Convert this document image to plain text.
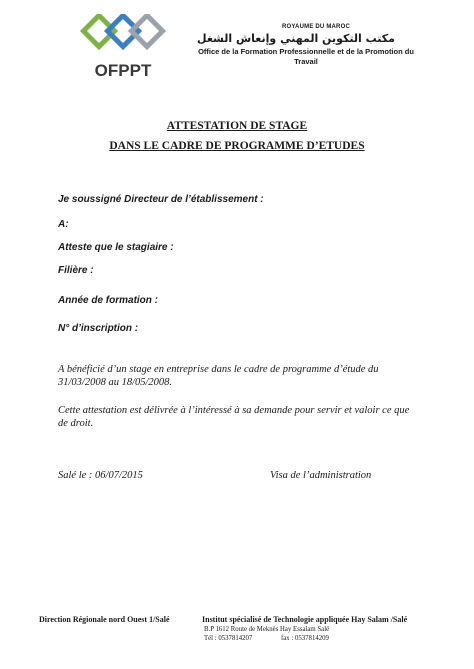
OFPPT
ROYAUME DU MAROC
مكتب التكوين المهني وإنعاش الشغل
Office de la Formation Professionnelle et de la Promotion du Travail
ATTESTATION DE STAGE
DANS LE CADRE DE PROGRAMME D’ETUDES
Je soussigné Directeur de l’établissement :
A:
Atteste que le stagiaire :
Filière :
Année de formation :
N° d’inscription :
A bénéficié d’un stage en entreprise dans le cadre de programme d’étude du 31/03/2008 au 18/05/2008.
Cette attestation est délivrée à l’intéressé à sa demande pour servir et valoir ce que de droit.
Salé le : 06/07/2015	Visa de l’administration
Direction Régionale nord Ouest 1/Salé	Institut spécialisé de Technologie appliquée Hay Salam /Salé
B.P 1612 Route de Meknès Hay Essalam Salé
Tél : 0537814207	fax : 0537814209
